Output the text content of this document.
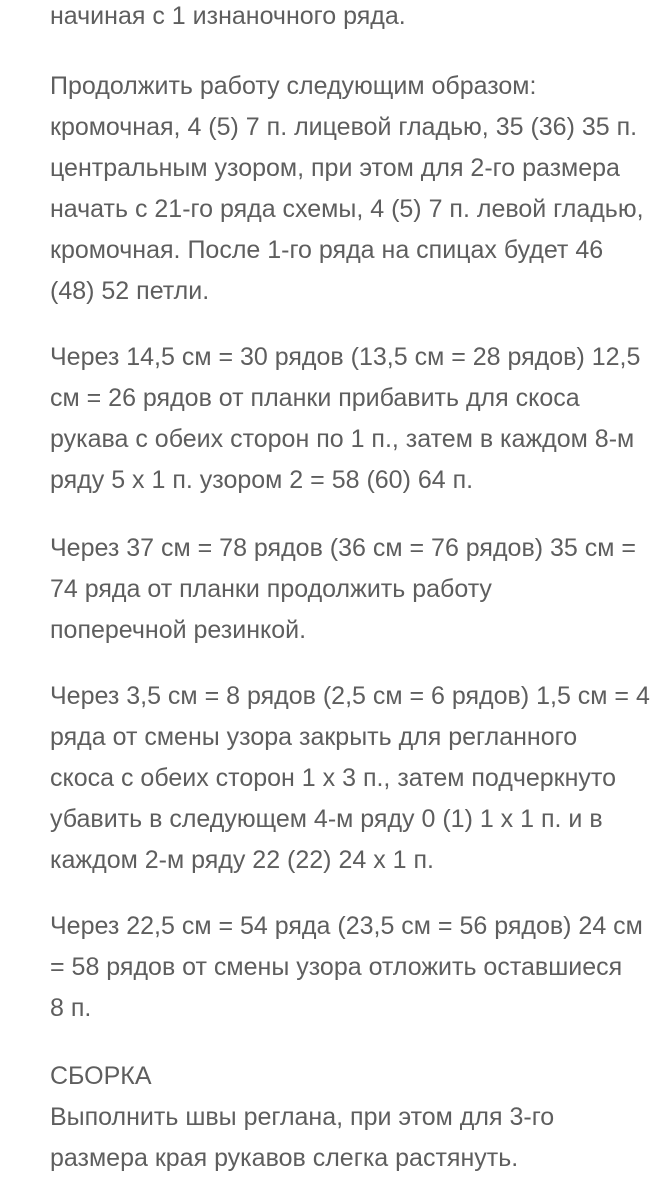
начиная с 1 изнаночного ряда.
Продолжить работу следующим образом:
кромочная, 4 (5) 7 п. лицевой гладью, 35 (36) 35 п.
центральным узором, при этом для 2-го размера
начать с 21-го ряда схемы, 4 (5) 7 п. левой гладью,
кромочная. После 1-го ряда на спицах будет 46
(48) 52 петли.
Через 14,5 см = 30 рядов (13,5 см = 28 рядов) 12,5
см = 26 рядов от планки прибавить для скоса
рукава с обеих сторон по 1 п., затем в каждом 8-м
ряду 5 х 1 п. узором 2 = 58 (60) 64 п.
Через 37 см = 78 рядов (36 см = 76 рядов) 35 см =
74 ряда от планки продолжить работу
поперечной резинкой.
Через 3,5 см = 8 рядов (2,5 см = 6 рядов) 1,5 см = 4
ряда от смены узора закрыть для регланного
скоса с обеих сторон 1 х 3 п., затем подчеркнуто
убавить в следующем 4-м ряду 0 (1) 1 х 1 п. и в
каждом 2-м ряду 22 (22) 24 х 1 п.
Через 22,5 см = 54 ряда (23,5 см = 56 рядов) 24 см
= 58 рядов от смены узора отложить оставшиеся
8 п.
СБОРКА
Выполнить швы реглана, при этом для 3-го
размера края рукавов слегка растянуть.
